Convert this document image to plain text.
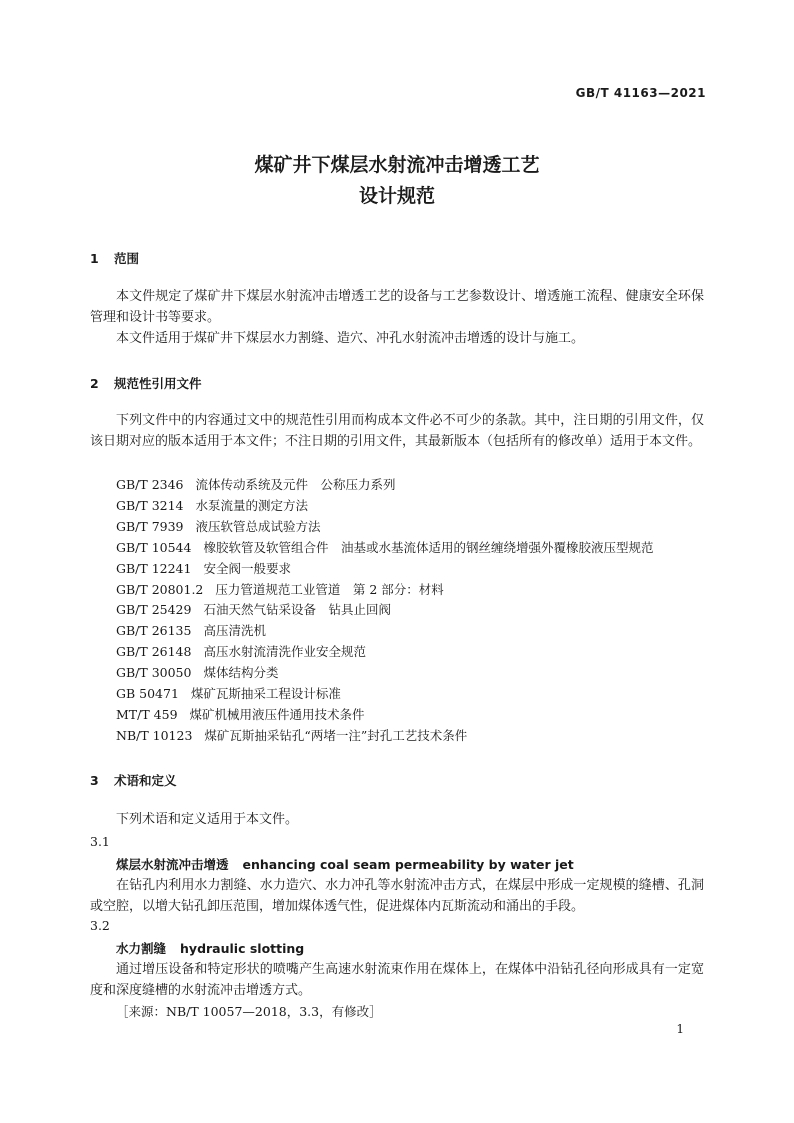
GB/T 41163—2021
煤矿井下煤层水射流冲击增透工艺
设计规范
1 范围

本文件规定了煤矿井下煤层水射流冲击增透工艺的设备与工艺参数设计、增透施工流程、健康安全环保管理和设计书等要求。

本文件适用于煤矿井下煤层水力割缝、造穴、冲孔水射流冲击增透的设计与施工。

2 规范性引用文件

下列文件中的内容通过文中的规范性引用而构成本文件必不可少的条款。其中，注日期的引用文件，仅该日期对应的版本适用于本文件；不注日期的引用文件，其最新版本（包括所有的修改单）适用于本文件。

GB/T 2346 流体传动系统及元件　公称压力系列
GB/T 3214 水泵流量的测定方法
GB/T 7939 液压软管总成试验方法
GB/T 10544 橡胶软管及软管组合件　油基或水基流体适用的钢丝缠绕增强外覆橡胶液压型规范
GB/T 12241 安全阀一般要求
GB/T 20801.2 压力管道规范工业管道　第 2 部分：材料
GB/T 25429 石油天然气钻采设备　钻具止回阀
GB/T 26135 高压清洗机
GB/T 26148 高压水射流清洗作业安全规范
GB/T 30050 煤体结构分类
GB 50471 煤矿瓦斯抽采工程设计标准
MT/T 459 煤矿机械用液压件通用技术条件
NB/T 10123 煤矿瓦斯抽采钻孔“两堵一注”封孔工艺技术条件
3 术语和定义

下列术语和定义适用于本文件。

3.1
煤层水射流冲击增透 enhancing coal seam permeability by water jet

在钻孔内利用水力割缝、水力造穴、水力冲孔等水射流冲击方式，在煤层中形成一定规模的缝槽、孔洞或空腔，以增大钻孔卸压范围，增加煤体透气性，促进煤体内瓦斯流动和涌出的手段。

3.2
水力割缝 hydraulic slotting

通过增压设备和特定形状的喷嘴产生高速水射流束作用在煤体上，在煤体中沿钻孔径向形成具有一定宽度和深度缝槽的水射流冲击增透方式。

［来源：NB/T 10057—2018，3.3，有修改］
1
